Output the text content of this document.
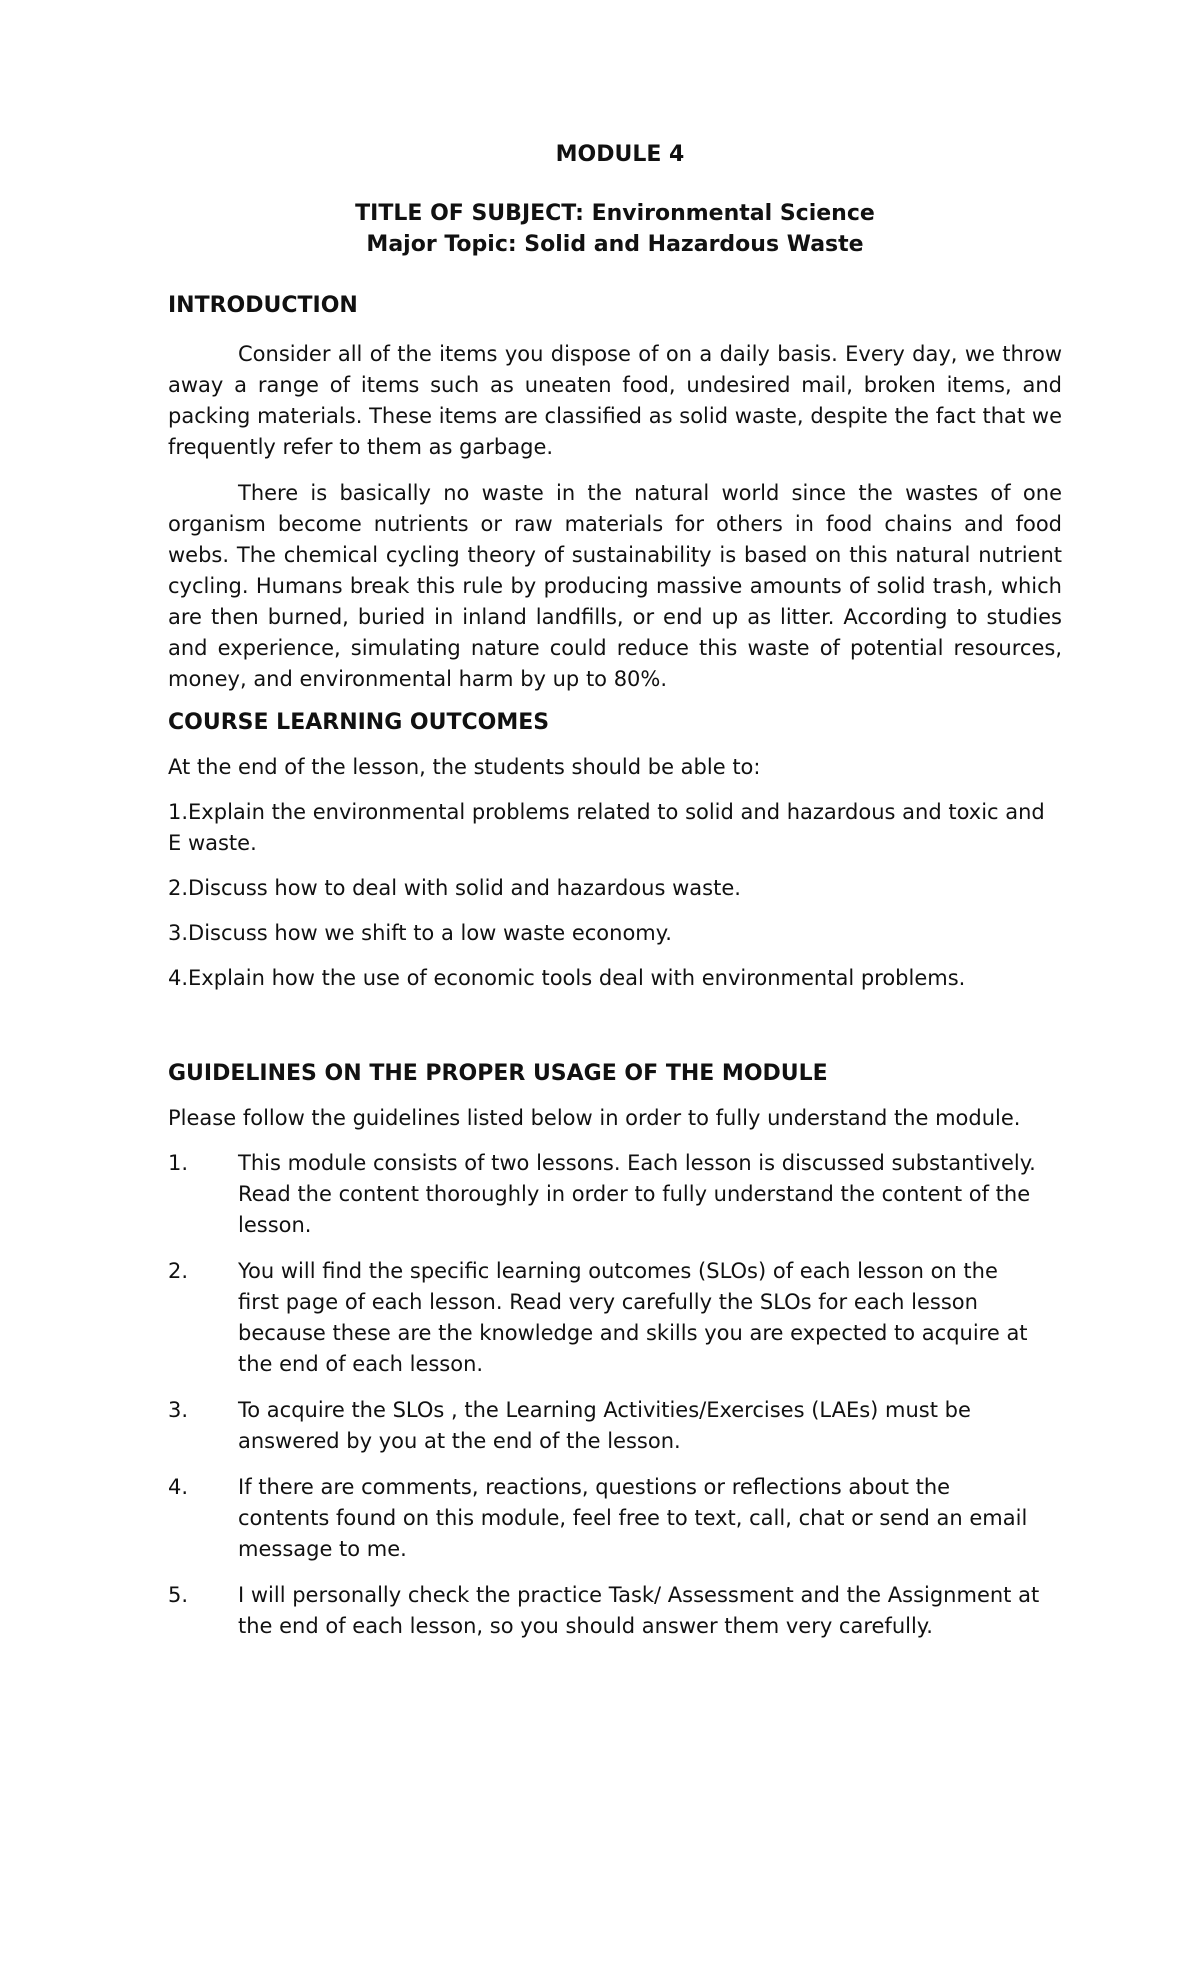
MODULE 4
TITLE OF SUBJECT: Environmental Science
Major Topic: Solid and Hazardous Waste
INTRODUCTION

Consider all of the items you dispose of on a daily basis. Every day, we throw away a range of items such as uneaten food, undesired mail, broken items, and packing materials. These items are classified as solid waste, despite the fact that we frequently refer to them as garbage.

There is basically no waste in the natural world since the wastes of one organism become nutrients or raw materials for others in food chains and food webs. The chemical cycling theory of sustainability is based on this natural nutrient cycling. Humans break this rule by producing massive amounts of solid trash, which are then burned, buried in inland landfills, or end up as litter. According to studies and experience, simulating nature could reduce this waste of potential resources, money, and environmental harm by up to 80%.

COURSE LEARNING OUTCOMES

At the end of the lesson, the students should be able to:

1.Explain the environmental problems related to solid and hazardous and toxic and E waste.

2.Discuss how to deal with solid and hazardous waste.

3.Discuss how we shift to a low waste economy.

4.Explain how the use of economic tools deal with environmental problems.

GUIDELINES ON THE PROPER USAGE OF THE MODULE

Please follow the guidelines listed below in order to fully understand the module.

1.	This module consists of two lessons. Each lesson is discussed substantively. Read the content thoroughly in order to fully understand the content of the lesson.
2.	You will find the specific learning outcomes (SLOs) of each lesson on the first page of each lesson. Read very carefully the SLOs for each lesson because these are the knowledge and skills you are expected to acquire at the end of each lesson.
3.	To acquire the SLOs , the Learning Activities/Exercises (LAEs) must be answered by you at the end of the lesson.
4.	If there are comments, reactions, questions or reflections about the contents found on this module, feel free to text, call, chat or send an email message to me.
5.	I will personally check the practice Task/ Assessment and the Assignment at the end of each lesson, so you should answer them very carefully.
